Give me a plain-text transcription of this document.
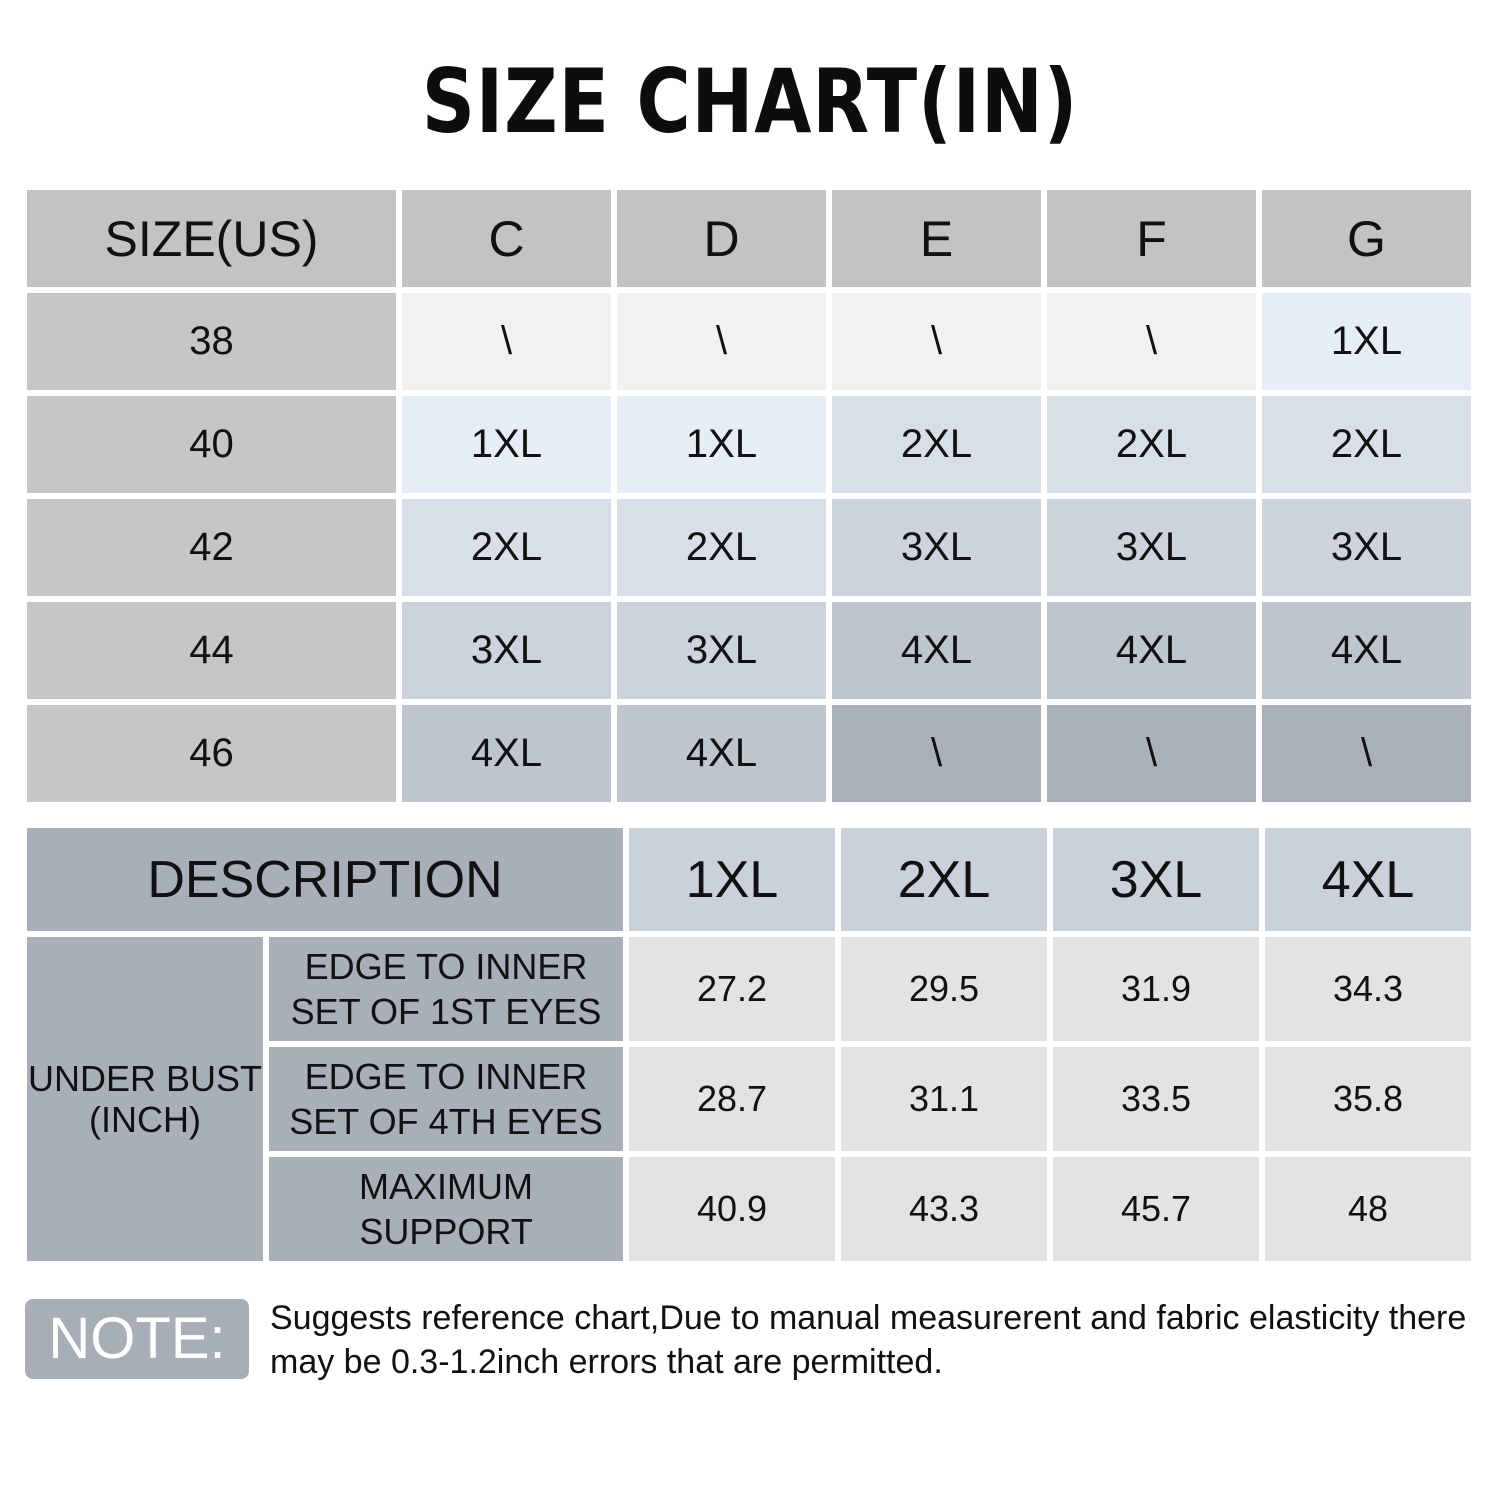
SIZE CHART(IN)
SIZE(US)	C	D	E	F	G
38	\	\	\	\	1XL
40	1XL	1XL	2XL	2XL	2XL
42	2XL	2XL	3XL	3XL	3XL
44	3XL	3XL	4XL	4XL	4XL
46	4XL	4XL	\	\	\
DESCRIPTION		1XL	2XL	3XL	4XL
UNDER BUST (INCH)	EDGE TO INNER SET OF 1ST EYES	27.2	29.5	31.9	34.3
	EDGE TO INNER SET OF 4TH EYES	28.7	31.1	33.5	35.8
	MAXIMUM SUPPORT	40.9	43.3	45.7	48
NOTE:	Suggests reference chart,Due to manual measurerent and fabric elasticity there may be 0.3-1.2inch errors that are permitted.
